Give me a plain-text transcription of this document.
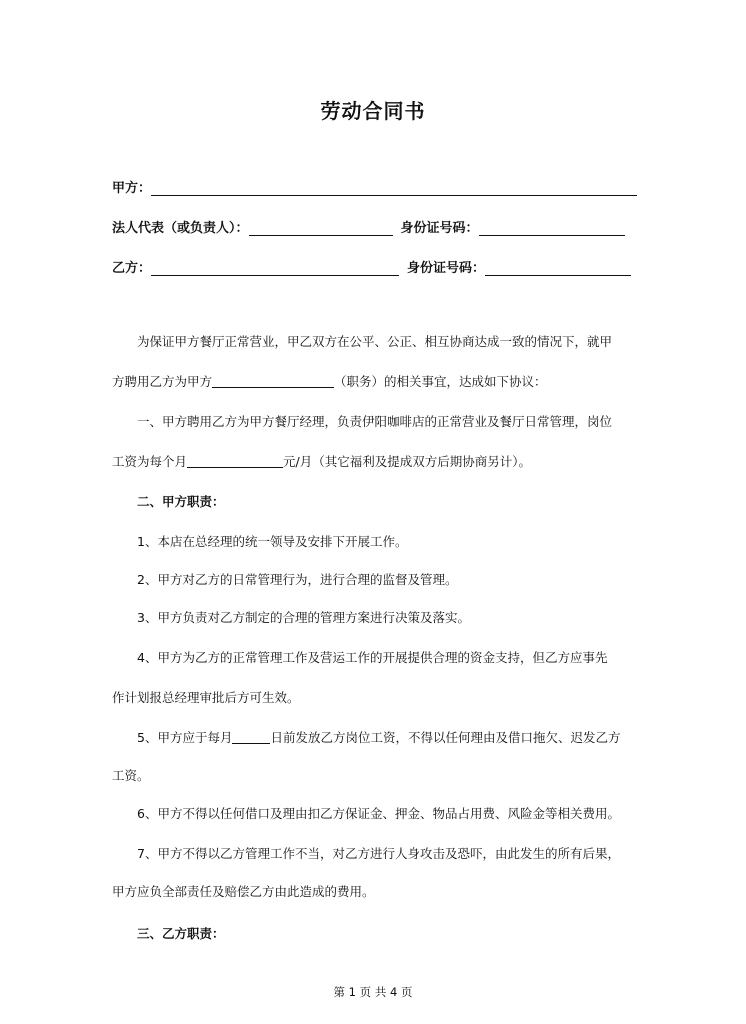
劳动合同书
甲方：
法人代表（或负责人）：	身份证号码：
乙方：	身份证号码：
为保证甲方餐厅正常营业，甲乙双方在公平、公正、相互协商达成一致的情况下，就甲
方聘用乙方为甲方	（职务）的相关事宜，达成如下协议：
一、甲方聘用乙方为甲方餐厅经理，负责伊阳咖啡店的正常营业及餐厅日常管理，岗位
工资为每个月	元/月（其它福利及提成双方后期协商另计）。
二、甲方职责：
1、本店在总经理的统一领导及安排下开展工作。
2、甲方对乙方的日常管理行为，进行合理的监督及管理。
3、甲方负责对乙方制定的合理的管理方案进行决策及落实。
4、甲方为乙方的正常管理工作及营运工作的开展提供合理的资金支持，但乙方应事先
作计划报总经理审批后方可生效。
5、甲方应于每月	日前发放乙方岗位工资，不得以任何理由及借口拖欠、迟发乙方
工资。
6、甲方不得以任何借口及理由扣乙方保证金、押金、物品占用费、风险金等相关费用。
7、甲方不得以乙方管理工作不当，对乙方进行人身攻击及恐吓，由此发生的所有后果，
甲方应负全部责任及赔偿乙方由此造成的费用。
三、乙方职责：
第 1 页 共 4 页
